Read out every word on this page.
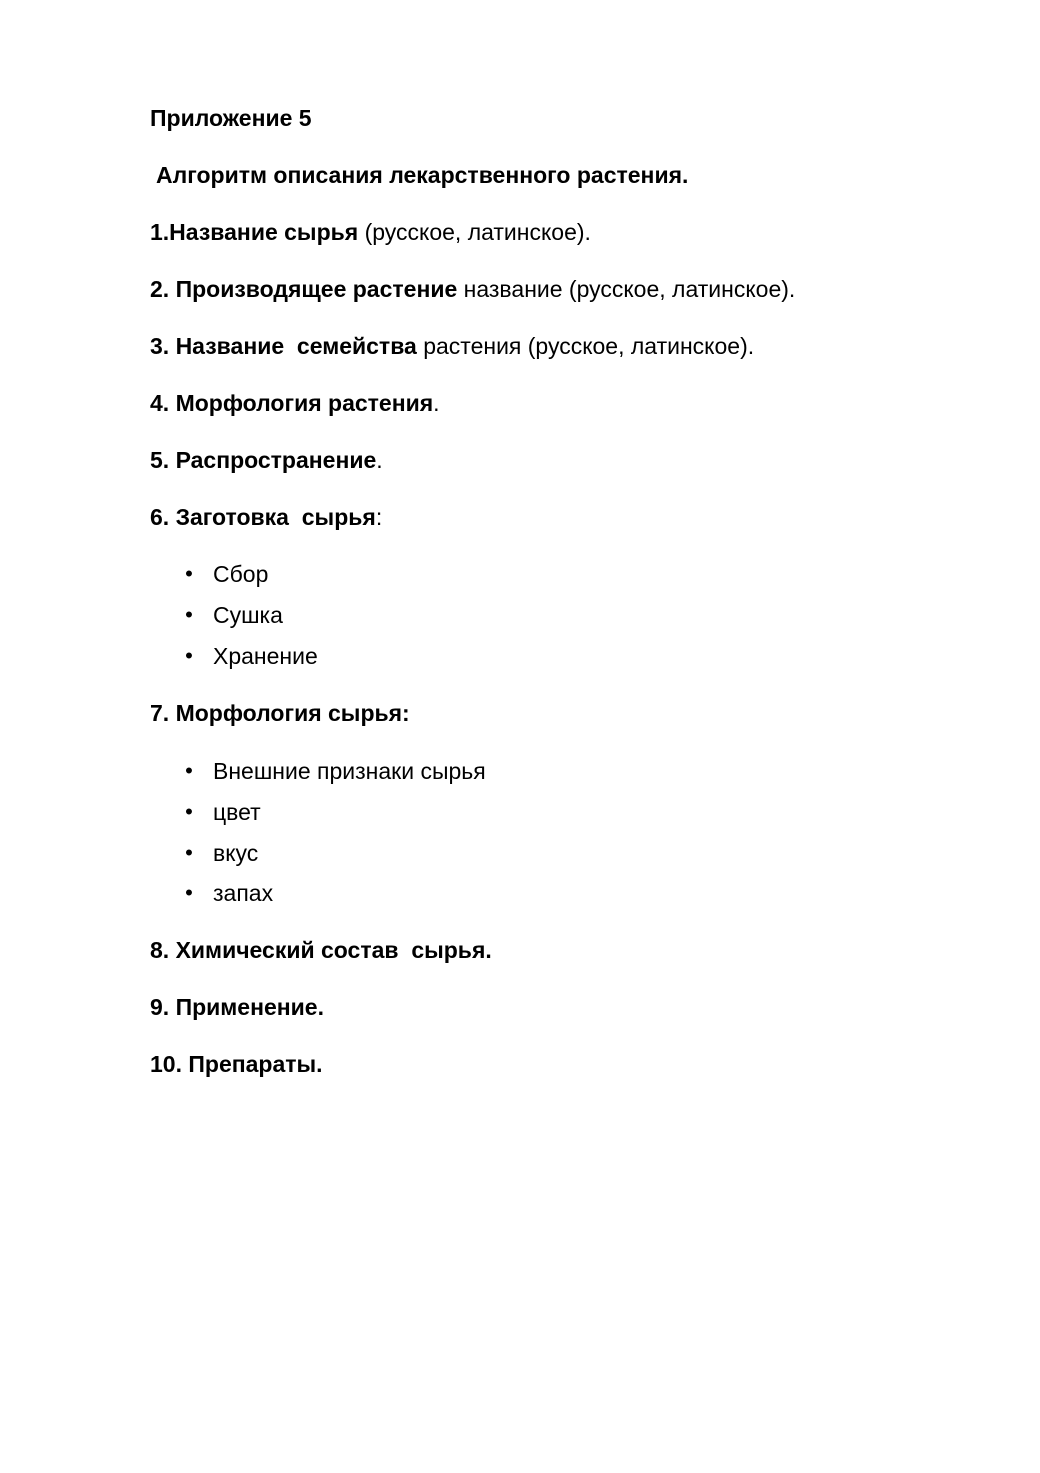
Приложение 5
Алгоритм описания лекарственного растения.
1.Название сырья (русское, латинское).
2. Производящее растение название (русское, латинское).
3. Название  семейства растения (русское, латинское).
4. Морфология растения.
5. Распространение.
6. Заготовка  сырья:
• Сбор
• Сушка
• Хранение
7. Морфология сырья:
• Внешние признаки сырья
• цвет
• вкус
• запах
8. Химический состав  сырья.
9. Применение.
10. Препараты.
